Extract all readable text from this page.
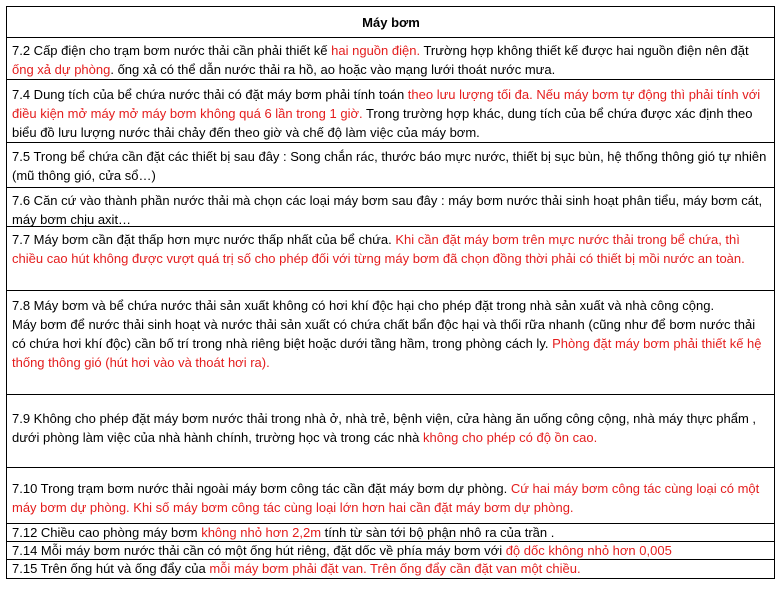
Máy bơm
7.2 Cấp điện cho trạm bơm nước thải cần phải thiết kế hai nguồn điện. Trường hợp không thiết kế được hai nguồn điện nên đặt ống xả dự phòng. ống xả có thể dẫn nước thải ra hồ, ao hoặc vào mạng lưới thoát nước mưa.
7.4 Dung tích của bể chứa nước thải có đặt máy bơm phải tính toán theo lưu lượng tối đa. Nếu máy bơm tự động thì phải tính với điều kiện mở máy mở máy bơm không quá 6 lần trong 1 giờ. Trong trường hợp khác, dung tích của bể chứa được xác định theo biểu đồ lưu lượng nước thải chảy đến theo giờ và chế độ làm việc của máy bơm.
7.5 Trong bể chứa cần đặt các thiết bị sau đây : Song chắn rác, thước báo mực nước, thiết bị sục bùn, hệ thống thông gió tự nhiên (mũ thông gió, cửa sổ…)
7.6 Căn cứ vào thành phần nước thải mà chọn các loại máy bơm sau đây : máy bơm nước thải sinh hoạt phân tiểu, máy bơm cát, máy bơm chịu axit…
7.7 Máy bơm cần đặt thấp hơn mực nước thấp nhất của bể chứa. Khi cần đặt máy bơm trên mực nước thải trong bể chứa, thì chiều cao hút không được vượt quá trị số cho phép đối với từng máy bơm đã chọn đồng thời phải có thiết bị mồi nước an toàn.
7.8 Máy bơm và bể chứa nước thải sản xuất không có hơi khí độc hại cho phép đặt trong nhà sản xuất và nhà công cộng.
Máy bơm để nước thải sinh hoạt và nước thải sản xuất có chứa chất bẩn độc hại và thối rữa nhanh (cũng như để bơm nước thải có chứa hơi khí độc) cần bố trí trong nhà riêng biệt hoặc dưới tầng hầm, trong phòng cách ly. Phòng đặt máy bơm phải thiết kế hệ thống thông gió (hút hơi vào và thoát hơi ra).
7.9 Không cho phép đặt máy bơm nước thải trong nhà ở, nhà trẻ, bệnh viện, cửa hàng ăn uống công cộng, nhà máy thực phẩm , dưới phòng làm việc của nhà hành chính, trường học và trong các nhà không cho phép có độ ồn cao.
7.10 Trong trạm bơm nước thải ngoài máy bơm công tác cần đặt máy bơm dự phòng. Cứ hai máy bơm công tác cùng loại có một máy bơm dự phòng. Khi số máy bơm công tác cùng loại lớn hơn hai cần đặt máy bơm dự phòng.
7.12 Chiều cao phòng máy bơm không nhỏ hơn 2,2m tính từ sàn tới bộ phận nhô ra của trần .
7.14 Mỗi máy bơm nước thải cần có một ống hút riêng, đặt dốc về phía máy bơm với độ dốc không nhỏ hơn 0,005
7.15 Trên ống hút và ống đẩy của mỗi máy bơm phải đặt van. Trên ống đẩy cần đặt van một chiều.
